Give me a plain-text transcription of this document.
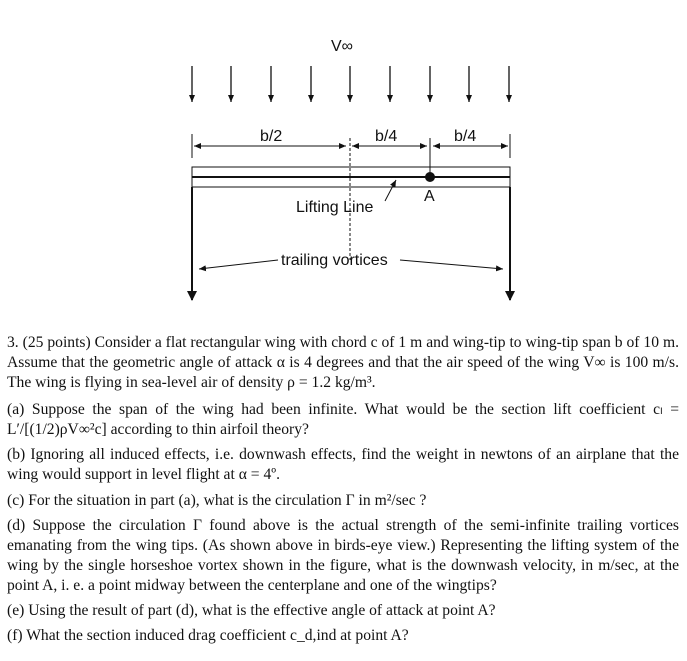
V∞
b/2	b/4	b/4
A
Lifting Line
trailing vortices
3. (25 points) Consider a flat rectangular wing with chord c of 1 m and wing-tip to wing-tip span b of 10 m. Assume that the geometric angle of attack α is 4 degrees and that the air speed of the wing V∞ is 100 m/s. The wing is flying in sea-level air of density ρ = 1.2 kg/m³.
(a) Suppose the span of the wing had been infinite. What would be the section lift coefficient cₗ = L′/[(1/2)ρV∞²c] according to thin airfoil theory?
(b) Ignoring all induced effects, i.e. downwash effects, find the weight in newtons of an airplane that the wing would support in level flight at α = 4º.
(c) For the situation in part (a), what is the circulation Γ in m²/sec ?
(d) Suppose the circulation Γ found above is the actual strength of the semi-infinite trailing vortices emanating from the wing tips. (As shown above in birds-eye view.) Representing the lifting system of the wing by the single horseshoe vortex shown in the figure, what is the downwash velocity, in m/sec, at the point A, i. e. a point midway between the centerplane and one of the wingtips?
(e) Using the result of part (d), what is the effective angle of attack at point A?
(f) What the section induced drag coefficient c_d,ind at point A?
